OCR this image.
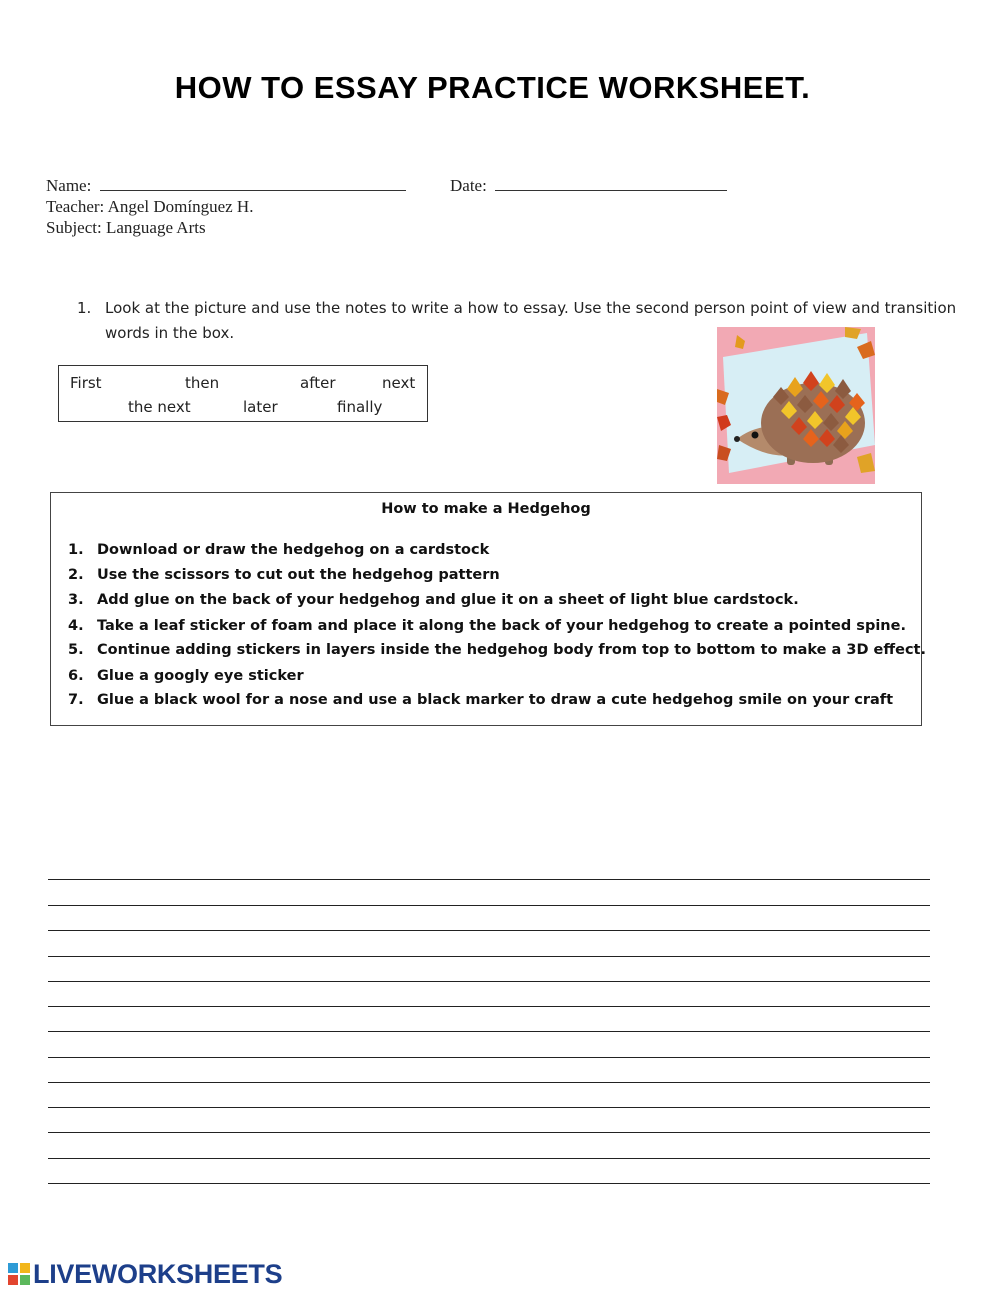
HOW TO ESSAY PRACTICE WORKSHEET.
Name:	Date:
Teacher: Angel Domínguez H.
Subject: Language Arts
1. Look at the picture and use the notes to write a how to essay. Use the second person point of view and transition
words in the box.
First	then	after	next
the next	later	finally
How to make a Hedgehog
1. Download or draw the hedgehog on a cardstock
2. Use the scissors to cut out the hedgehog pattern
3. Add glue on the back of your hedgehog and glue it on a sheet of light blue cardstock.
4. Take a leaf sticker of foam and place it along the back of your hedgehog to create a pointed spine.
5. Continue adding stickers in layers inside the hedgehog body from top to bottom to make a 3D effect.
6. Glue a googly eye sticker
7. Glue a black wool for a nose and use a black marker to draw a cute hedgehog smile on your craft
LIVEWORKSHEETS
